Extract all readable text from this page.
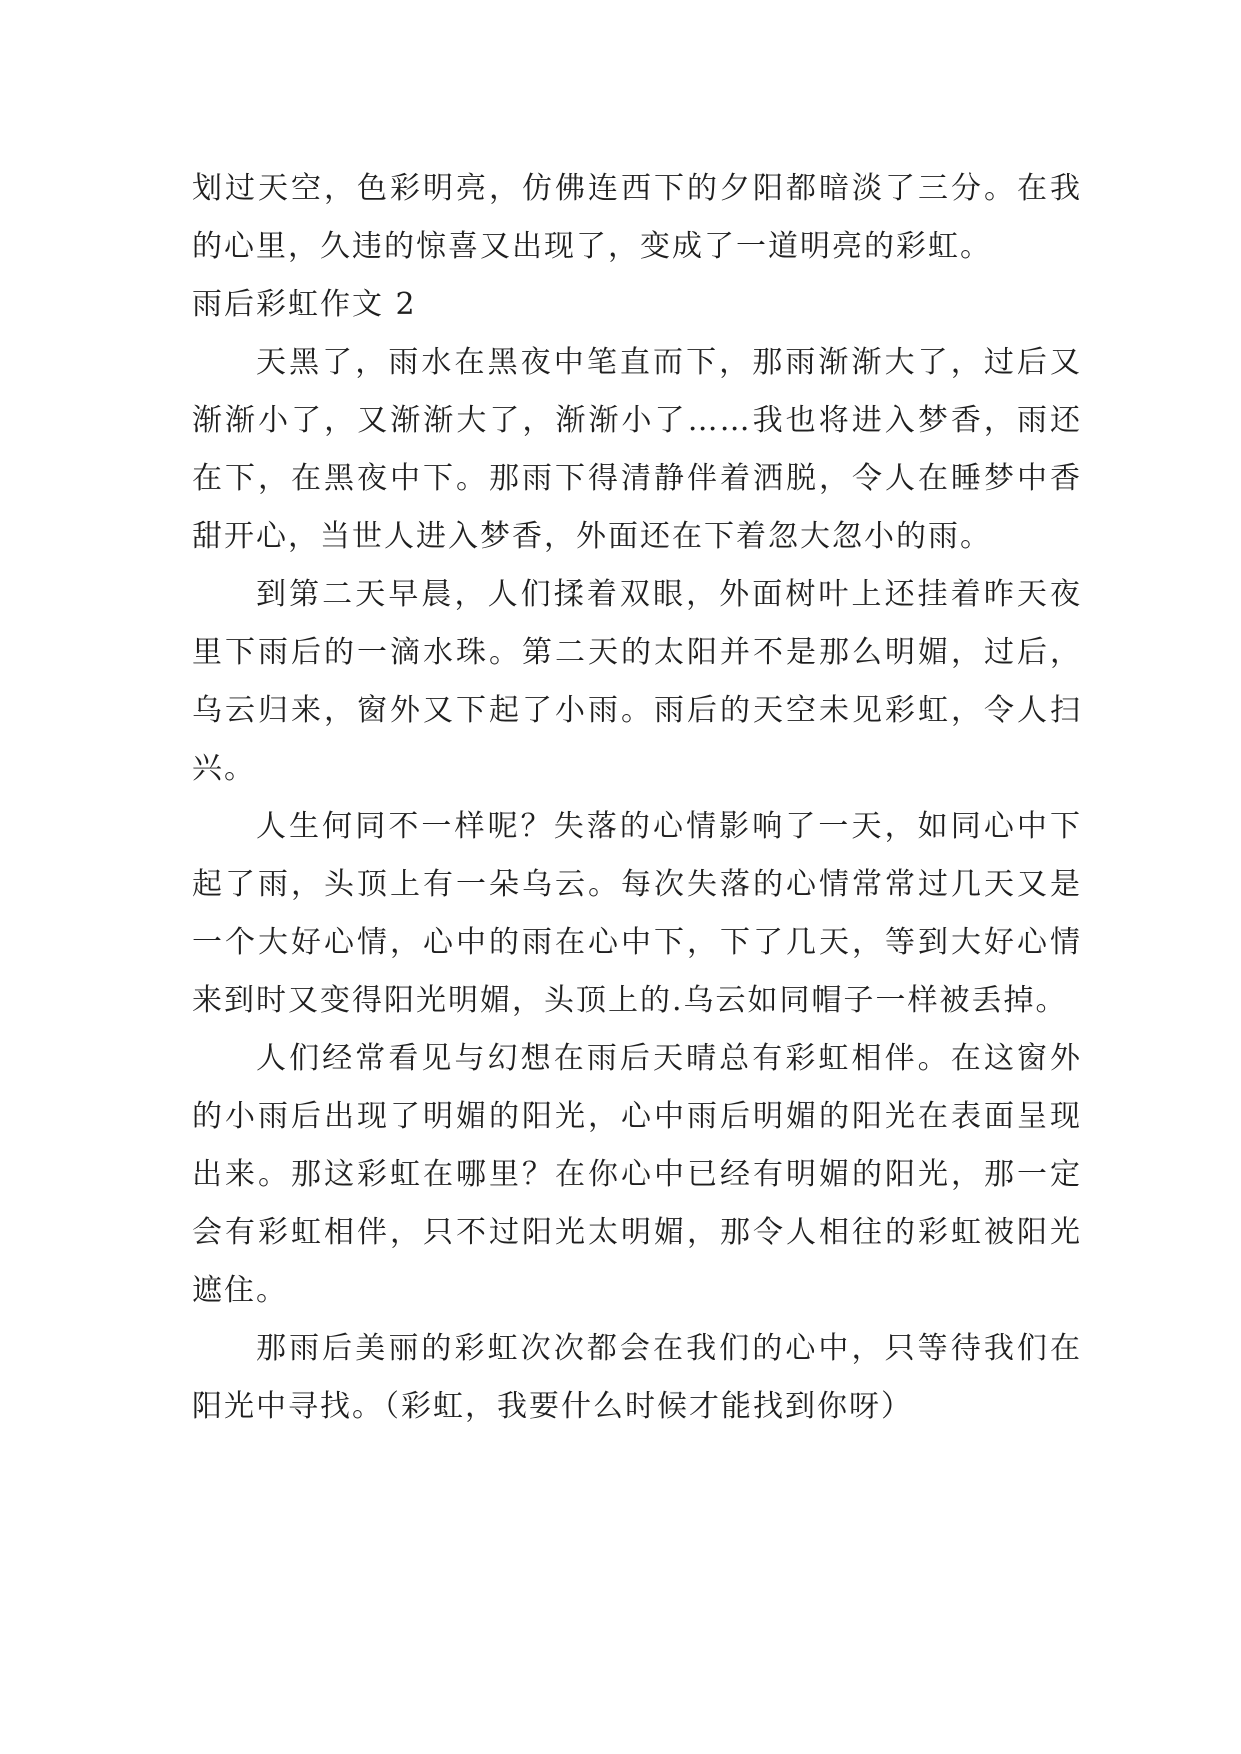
划过天空，色彩明亮，仿佛连西下的夕阳都暗淡了三分。在我的心里，久违的惊喜又出现了，变成了一道明亮的彩虹。

雨后彩虹作文 2

天黑了，雨水在黑夜中笔直而下，那雨渐渐大了，过后又渐渐小了，又渐渐大了，渐渐小了……我也将进入梦香，雨还在下，在黑夜中下。那雨下得清静伴着洒脱，令人在睡梦中香甜开心，当世人进入梦香，外面还在下着忽大忽小的雨。

到第二天早晨，人们揉着双眼，外面树叶上还挂着昨天夜里下雨后的一滴水珠。第二天的太阳并不是那么明媚，过后，乌云归来，窗外又下起了小雨。雨后的天空未见彩虹，令人扫兴。

人生何同不一样呢？失落的心情影响了一天，如同心中下起了雨，头顶上有一朵乌云。每次失落的心情常常过几天又是一个大好心情，心中的雨在心中下，下了几天，等到大好心情来到时又变得阳光明媚，头顶上的.乌云如同帽子一样被丢掉。

人们经常看见与幻想在雨后天晴总有彩虹相伴。在这窗外的小雨后出现了明媚的阳光，心中雨后明媚的阳光在表面呈现出来。那这彩虹在哪里？在你心中已经有明媚的阳光，那一定会有彩虹相伴，只不过阳光太明媚，那令人相往的彩虹被阳光遮住。

那雨后美丽的彩虹次次都会在我们的心中，只等待我们在阳光中寻找。（彩虹，我要什么时候才能找到你呀）
